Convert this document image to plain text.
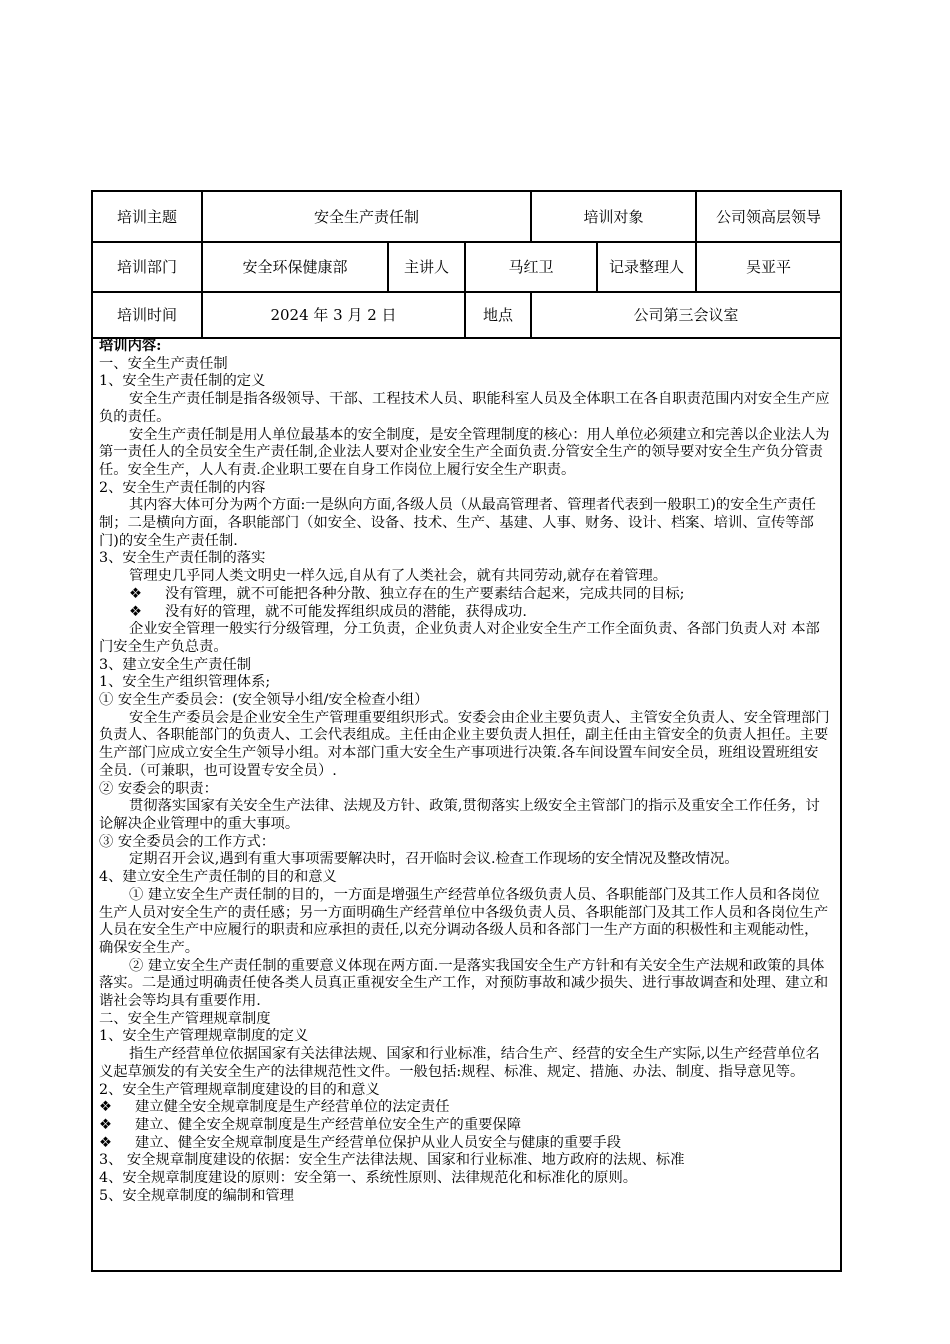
培训主题	安全生产责任制	培训对象	公司领高层领导
培训部门	安全环保健康部	主讲人	马红卫	记录整理人	吴亚平
培训时间	2024 年 3 月 2 日	地点	公司第三会议室
培训内容:
一、安全生产责任制
1、安全生产责任制的定义
安全生产责任制是指各级领导、干部、工程技术人员、职能科室人员及全体职工在各自职责范围内对安全生产应负的责任。
安全生产责任制是用人单位最基本的安全制度，是安全管理制度的核心：用人单位必须建立和完善以企业法人为第一责任人的全员安全生产责任制,企业法人要对企业安全生产全面负责.分管安全生产的领导要对安全生产负分管责任。安全生产，人人有责.企业职工要在自身工作岗位上履行安全生产职责。
2、安全生产责任制的内容
其内容大体可分为两个方面:一是纵向方面,各级人员（从最高管理者、管理者代表到一般职工)的安全生产责任制；二是横向方面，各职能部门（如安全、设备、技术、生产、基建、人事、财务、设计、档案、培训、宣传等部门)的安全生产责任制.
3、安全生产责任制的落实
管理史几乎同人类文明史一样久远,自从有了人类社会，就有共同劳动,就存在着管理。
❖ 没有管理，就不可能把各种分散、独立存在的生产要素结合起来，完成共同的目标;
❖ 没有好的管理，就不可能发挥组织成员的潜能，获得成功.
企业安全管理一般实行分级管理，分工负责，企业负责人对企业安全生产工作全面负责、各部门负责人对 本部门安全生产负总责。
3、建立安全生产责任制
1、安全生产组织管理体系;
① 安全生产委员会：(安全领导小组/安全检查小组）
安全生产委员会是企业安全生产管理重要组织形式。安委会由企业主要负责人、主管安全负责人、安全管理部门负责人、各职能部门的负责人、工会代表组成。主任由企业主要负责人担任，副主任由主管安全的负责人担任。主要生产部门应成立安全生产领导小组。对本部门重大安全生产事项进行决策.各车间设置车间安全员，班组设置班组安全员.（可兼职，也可设置专安全员）.
② 安委会的职责：
贯彻落实国家有关安全生产法律、法规及方针、政策,贯彻落实上级安全主管部门的指示及重安全工作任务，讨论解决企业管理中的重大事项。
③ 安全委员会的工作方式：
定期召开会议,遇到有重大事项需要解决时，召开临时会议.检查工作现场的安全情况及整改情况。
4、建立安全生产责任制的目的和意义
① 建立安全生产责任制的目的，一方面是增强生产经营单位各级负责人员、各职能部门及其工作人员和各岗位生产人员对安全生产的责任感；另一方面明确生产经营单位中各级负责人员、各职能部门及其工作人员和各岗位生产人员在安全生产中应履行的职责和应承担的责任,以充分调动各级人员和各部门一生产方面的积极性和主观能动性，确保安全生产。
② 建立安全生产责任制的重要意义体现在两方面.一是落实我国安全生产方针和有关安全生产法规和政策的具体落实。二是通过明确责任使各类人员真正重视安全生产工作，对预防事故和减少损失、进行事故调查和处理、建立和谐社会等均具有重要作用.
二、安全生产管理规章制度
1、安全生产管理规章制度的定义
指生产经营单位依据国家有关法律法规、国家和行业标准，结合生产、经营的安全生产实际,以生产经营单位名义起草颁发的有关安全生产的法律规范性文件。一般包括:规程、标准、规定、措施、办法、制度、指导意见等。
2、安全生产管理规章制度建设的目的和意义
❖ 建立健全安全规章制度是生产经营单位的法定责任
❖ 建立、健全安全规章制度是生产经营单位安全生产的重要保障
❖ 建立、健全安全规章制度是生产经营单位保护从业人员安全与健康的重要手段
3、 安全规章制度建设的依据：安全生产法律法规、国家和行业标准、地方政府的法规、标准
4、安全规章制度建设的原则：安全第一、系统性原则、法律规范化和标准化的原则。
5、安全规章制度的编制和管理
